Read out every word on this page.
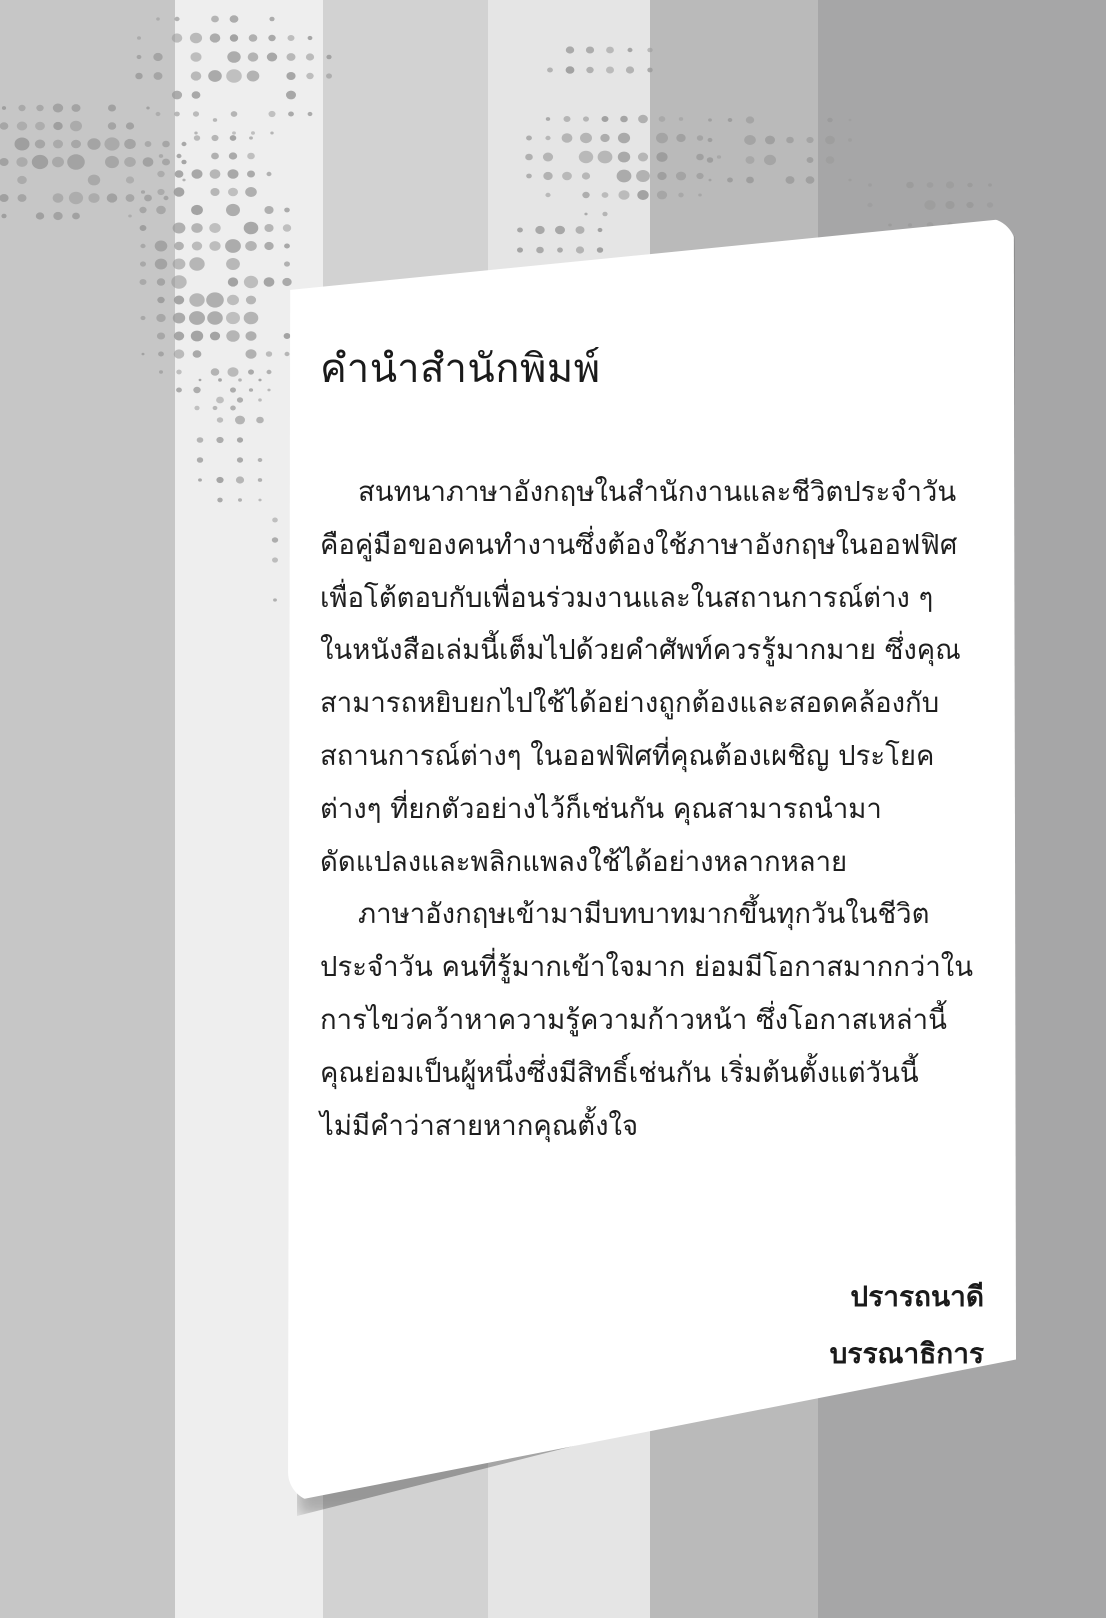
คำนำสำนักพิมพ์
สนทนาภาษาอังกฤษในสำนักงานและชีวิตประจำวัน
คือคู่มือของคนทำงานซึ่งต้องใช้ภาษาอังกฤษในออฟฟิศ
เพื่อโต้ตอบกับเพื่อนร่วมงานและในสถานการณ์ต่าง ๆ
ในหนังสือเล่มนี้เต็มไปด้วยคำศัพท์ควรรู้มากมาย ซึ่งคุณ
สามารถหยิบยกไปใช้ได้อย่างถูกต้องและสอดคล้องกับ
สถานการณ์ต่างๆ ในออฟฟิศที่คุณต้องเผชิญ ประโยค
ต่างๆ ที่ยกตัวอย่างไว้ก็เช่นกัน คุณสามารถนำมา
ดัดแปลงและพลิกแพลงใช้ได้อย่างหลากหลาย
ภาษาอังกฤษเข้ามามีบทบาทมากขึ้นทุกวันในชีวิต
ประจำวัน คนที่รู้มากเข้าใจมาก ย่อมมีโอกาสมากกว่าใน
การไขว่คว้าหาความรู้ความก้าวหน้า ซึ่งโอกาสเหล่านี้
คุณย่อมเป็นผู้หนึ่งซึ่งมีสิทธิ์เช่นกัน เริ่มต้นตั้งแต่วันนี้
ไม่มีคำว่าสายหากคุณตั้งใจ
ปรารถนาดี
บรรณาธิการ
